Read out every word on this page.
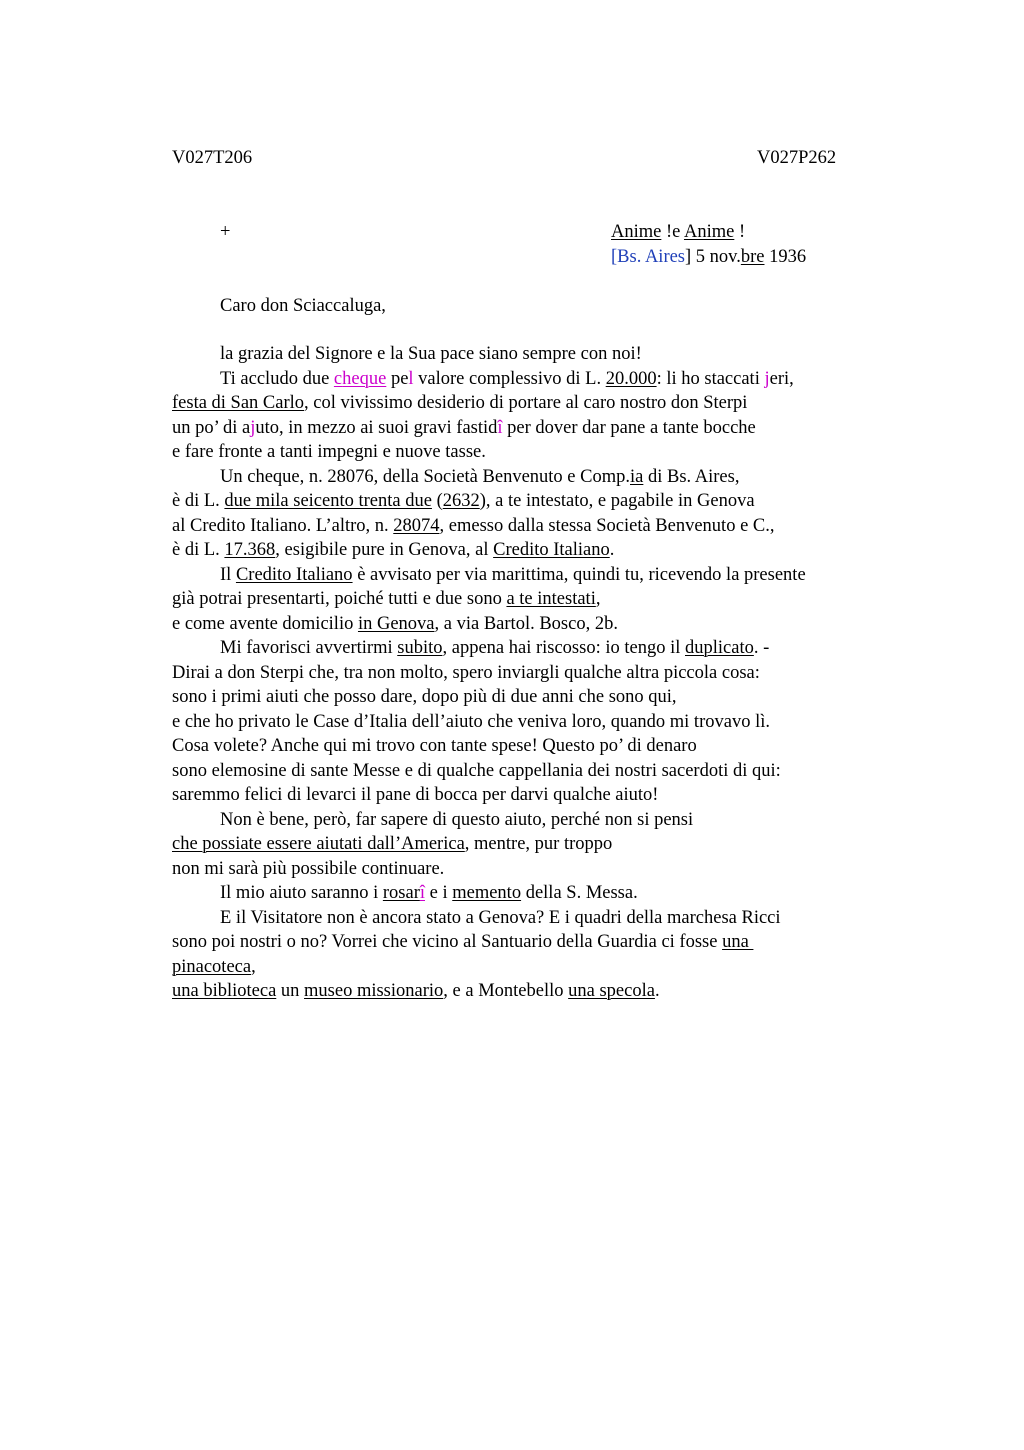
V027T206	V027P262
+	Anime !e Anime !
[Bs. Aires] 5 nov.bre 1936
Caro don Sciaccaluga,
la grazia del Signore e la Sua pace siano sempre con noi!
Ti accludo due cheque pel valore complessivo di L. 20.000: li ho staccati jeri,
festa di San Carlo, col vivissimo desiderio di portare al caro nostro don Sterpi
un po’ di ajuto, in mezzo ai suoi gravi fastidî per dover dar pane a tante bocche
e fare fronte a tanti impegni e nuove tasse.
Un cheque, n. 28076, della Società Benvenuto e Comp.ia di Bs. Aires,
è di L. due mila seicento trenta due (2632), a te intestato, e pagabile in Genova
al Credito Italiano. L’altro, n. 28074, emesso dalla stessa Società Benvenuto e C.,
è di L. 17.368, esigibile pure in Genova, al Credito Italiano.
Il Credito Italiano è avvisato per via marittima, quindi tu, ricevendo la presente
già potrai presentarti, poiché tutti e due sono a te intestati,
e come avente domicilio in Genova, a via Bartol. Bosco, 2b.
Mi favorisci avvertirmi subito, appena hai riscosso: io tengo il duplicato. -
Dirai a don Sterpi che, tra non molto, spero inviargli qualche altra piccola cosa:
sono i primi aiuti che posso dare, dopo più di due anni che sono qui,
e che ho privato le Case d’Italia dell’aiuto che veniva loro, quando mi trovavo lì.
Cosa volete? Anche qui mi trovo con tante spese! Questo po’ di denaro
sono elemosine di sante Messe e di qualche cappellania dei nostri sacerdoti di qui:
saremmo felici di levarci il pane di bocca per darvi qualche aiuto!
Non è bene, però, far sapere di questo aiuto, perché non si pensi
che possiate essere aiutati dall’America, mentre, pur troppo
non mi sarà più possibile continuare.
Il mio aiuto saranno i rosarî e i memento della S. Messa.
E il Visitatore non è ancora stato a Genova? E i quadri della marchesa Ricci
sono poi nostri o no? Vorrei che vicino al Santuario della Guardia ci fosse una
pinacoteca,
una biblioteca un museo missionario, e a Montebello una specola.
